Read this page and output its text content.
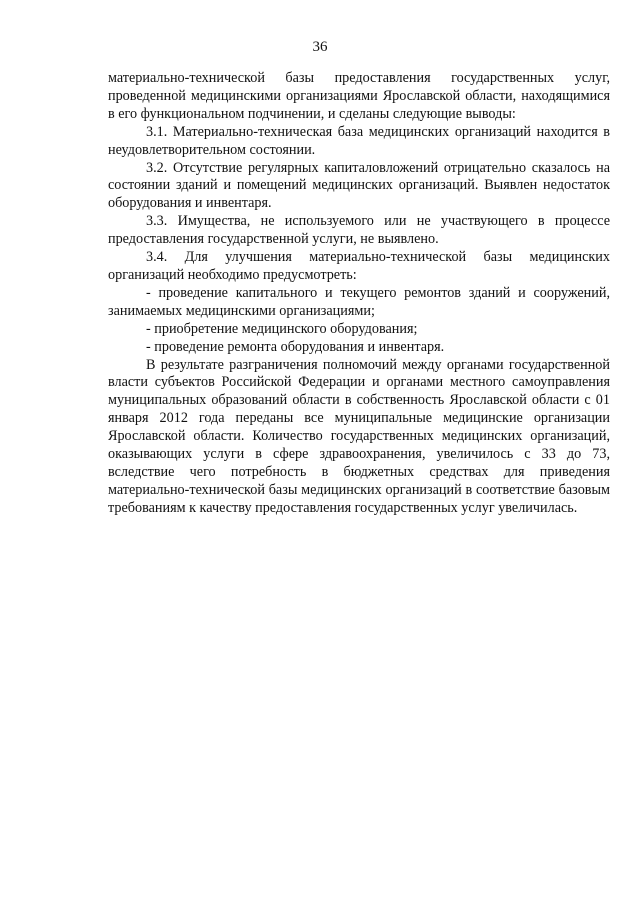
36

материально-технической базы предоставления государственных услуг, проведенной медицинскими организациями Ярославской области, находящимися в его функциональном подчинении, и сделаны следующие выводы:

3.1. Материально-техническая база медицинских организаций находится в неудовлетворительном состоянии.

3.2. Отсутствие регулярных капиталовложений отрицательно сказалось на состоянии зданий и помещений медицинских организаций. Выявлен недостаток оборудования и инвентаря.

3.3. Имущества, не используемого или не участвующего в процессе предоставления государственной услуги, не выявлено.

3.4. Для улучшения материально-технической базы медицинских организаций необходимо предусмотреть:

- проведение капитального и текущего ремонтов зданий и сооружений, занимаемых медицинскими организациями;

- приобретение медицинского оборудования;

- проведение ремонта оборудования и инвентаря.

В результате разграничения полномочий между органами государственной власти субъектов Российской Федерации и органами местного самоуправления муниципальных образований области в собственность Ярославской области с 01 января 2012 года переданы все муниципальные медицинские организации Ярославской области. Количество государственных медицинских организаций, оказывающих услуги в сфере здравоохранения, увеличилось с 33 до 73, вследствие чего потребность в бюджетных средствах для приведения материально-технической базы медицинских организаций в соответствие базовым требованиям к качеству предоставления государственных услуг увеличилась.
